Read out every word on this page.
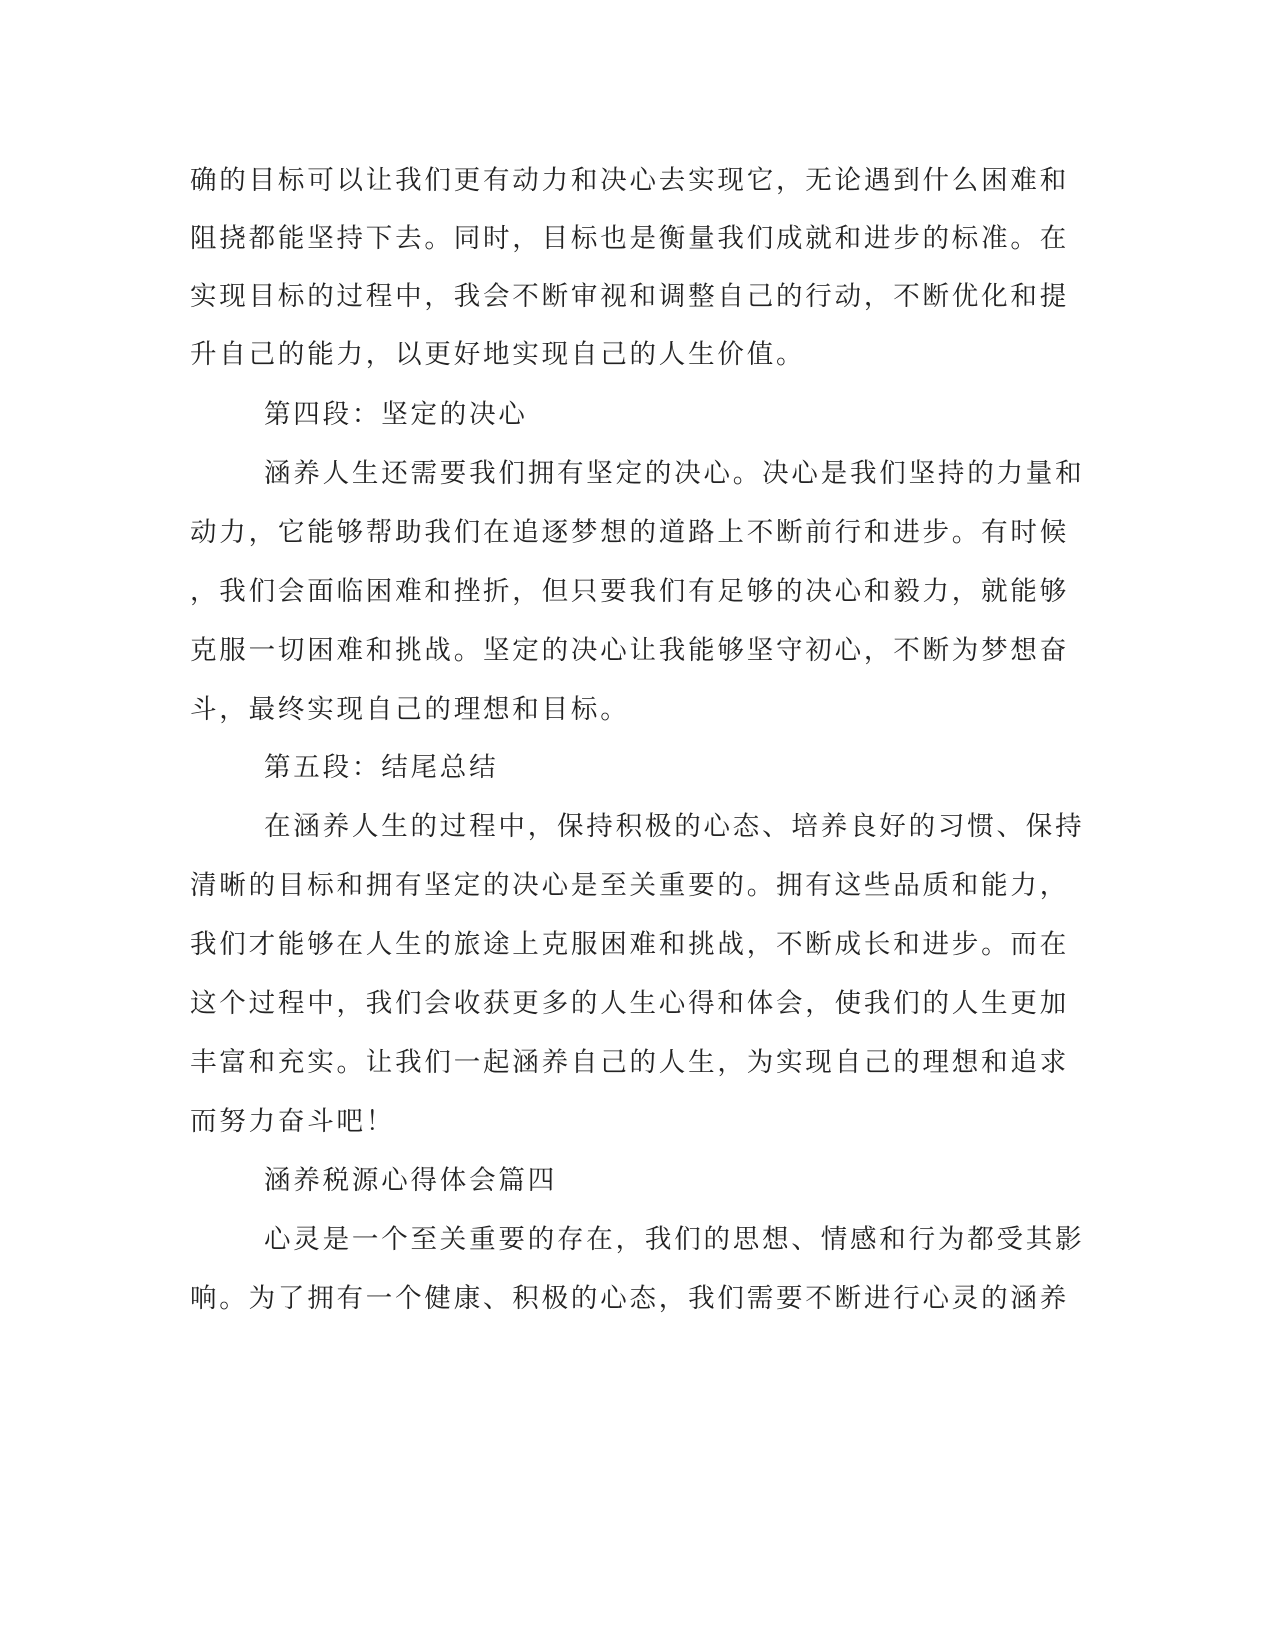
确的目标可以让我们更有动力和决心去实现它，无论遇到什么困难和
阻挠都能坚持下去。同时，目标也是衡量我们成就和进步的标准。在
实现目标的过程中，我会不断审视和调整自己的行动，不断优化和提
升自己的能力，以更好地实现自己的人生价值。
第四段：坚定的决心
涵养人生还需要我们拥有坚定的决心。决心是我们坚持的力量和
动力，它能够帮助我们在追逐梦想的道路上不断前行和进步。有时候
，我们会面临困难和挫折，但只要我们有足够的决心和毅力，就能够
克服一切困难和挑战。坚定的决心让我能够坚守初心，不断为梦想奋
斗，最终实现自己的理想和目标。
第五段：结尾总结
在涵养人生的过程中，保持积极的心态、培养良好的习惯、保持
清晰的目标和拥有坚定的决心是至关重要的。拥有这些品质和能力，
我们才能够在人生的旅途上克服困难和挑战，不断成长和进步。而在
这个过程中，我们会收获更多的人生心得和体会，使我们的人生更加
丰富和充实。让我们一起涵养自己的人生，为实现自己的理想和追求
而努力奋斗吧！
涵养税源心得体会篇四
心灵是一个至关重要的存在，我们的思想、情感和行为都受其影
响。为了拥有一个健康、积极的心态，我们需要不断进行心灵的涵养
